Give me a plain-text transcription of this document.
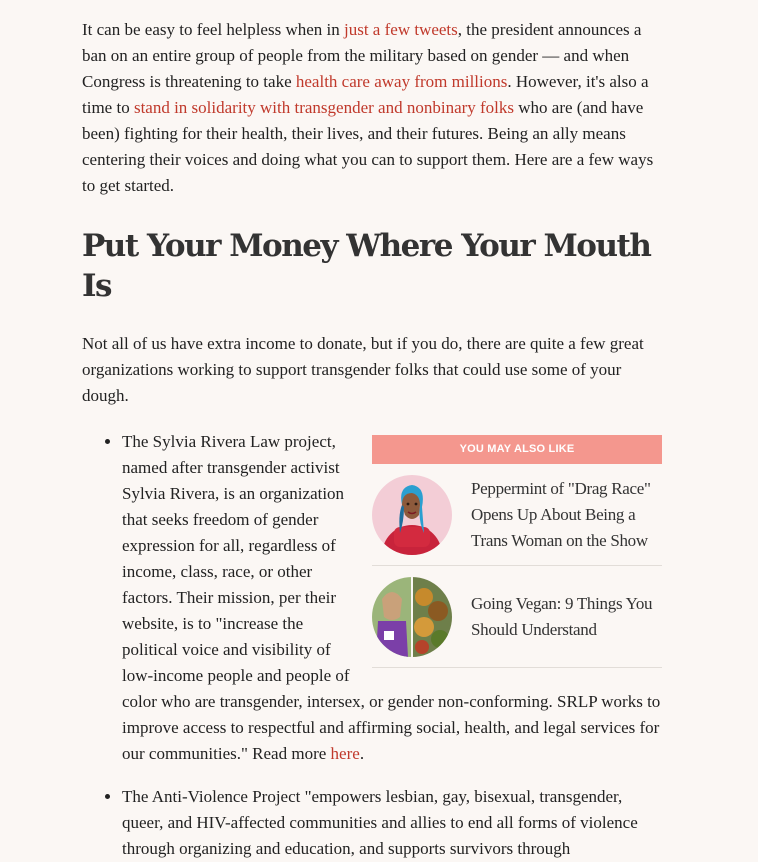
It can be easy to feel helpless when in just a few tweets, the president announces a ban on an entire group of people from the military based on gender — and when Congress is threatening to take health care away from millions. However, it's also a time to stand in solidarity with transgender and nonbinary folks who are (and have been) fighting for their health, their lives, and their futures. Being an ally means centering their voices and doing what you can to support them. Here are a few ways to get started.

Put Your Money Where Your Mouth Is

Not all of us have extra income to donate, but if you do, there are quite a few great organizations working to support transgender folks that could use some of your dough.

• YOU MAY ALSO LIKE
Peppermint of "Drag Race" Opens Up About Being a Trans Woman on the Show
Going Vegan: 9 Things You Should Understand
The Sylvia Rivera Law project, named after transgender activist Sylvia Rivera, is an organization that seeks freedom of gender expression for all, regardless of income, class, race, or other factors. Their mission, per their website, is to "increase the political voice and visibility of low-income people and people of color who are transgender, intersex, or gender non-conforming. SRLP works to improve access to respectful and affirming social, health, and legal services for our communities." Read more here.
• The Anti-Violence Project "empowers lesbian, gay, bisexual, transgender, queer, and HIV-affected communities and allies to end all forms of violence through organizing and education, and supports survivors through
